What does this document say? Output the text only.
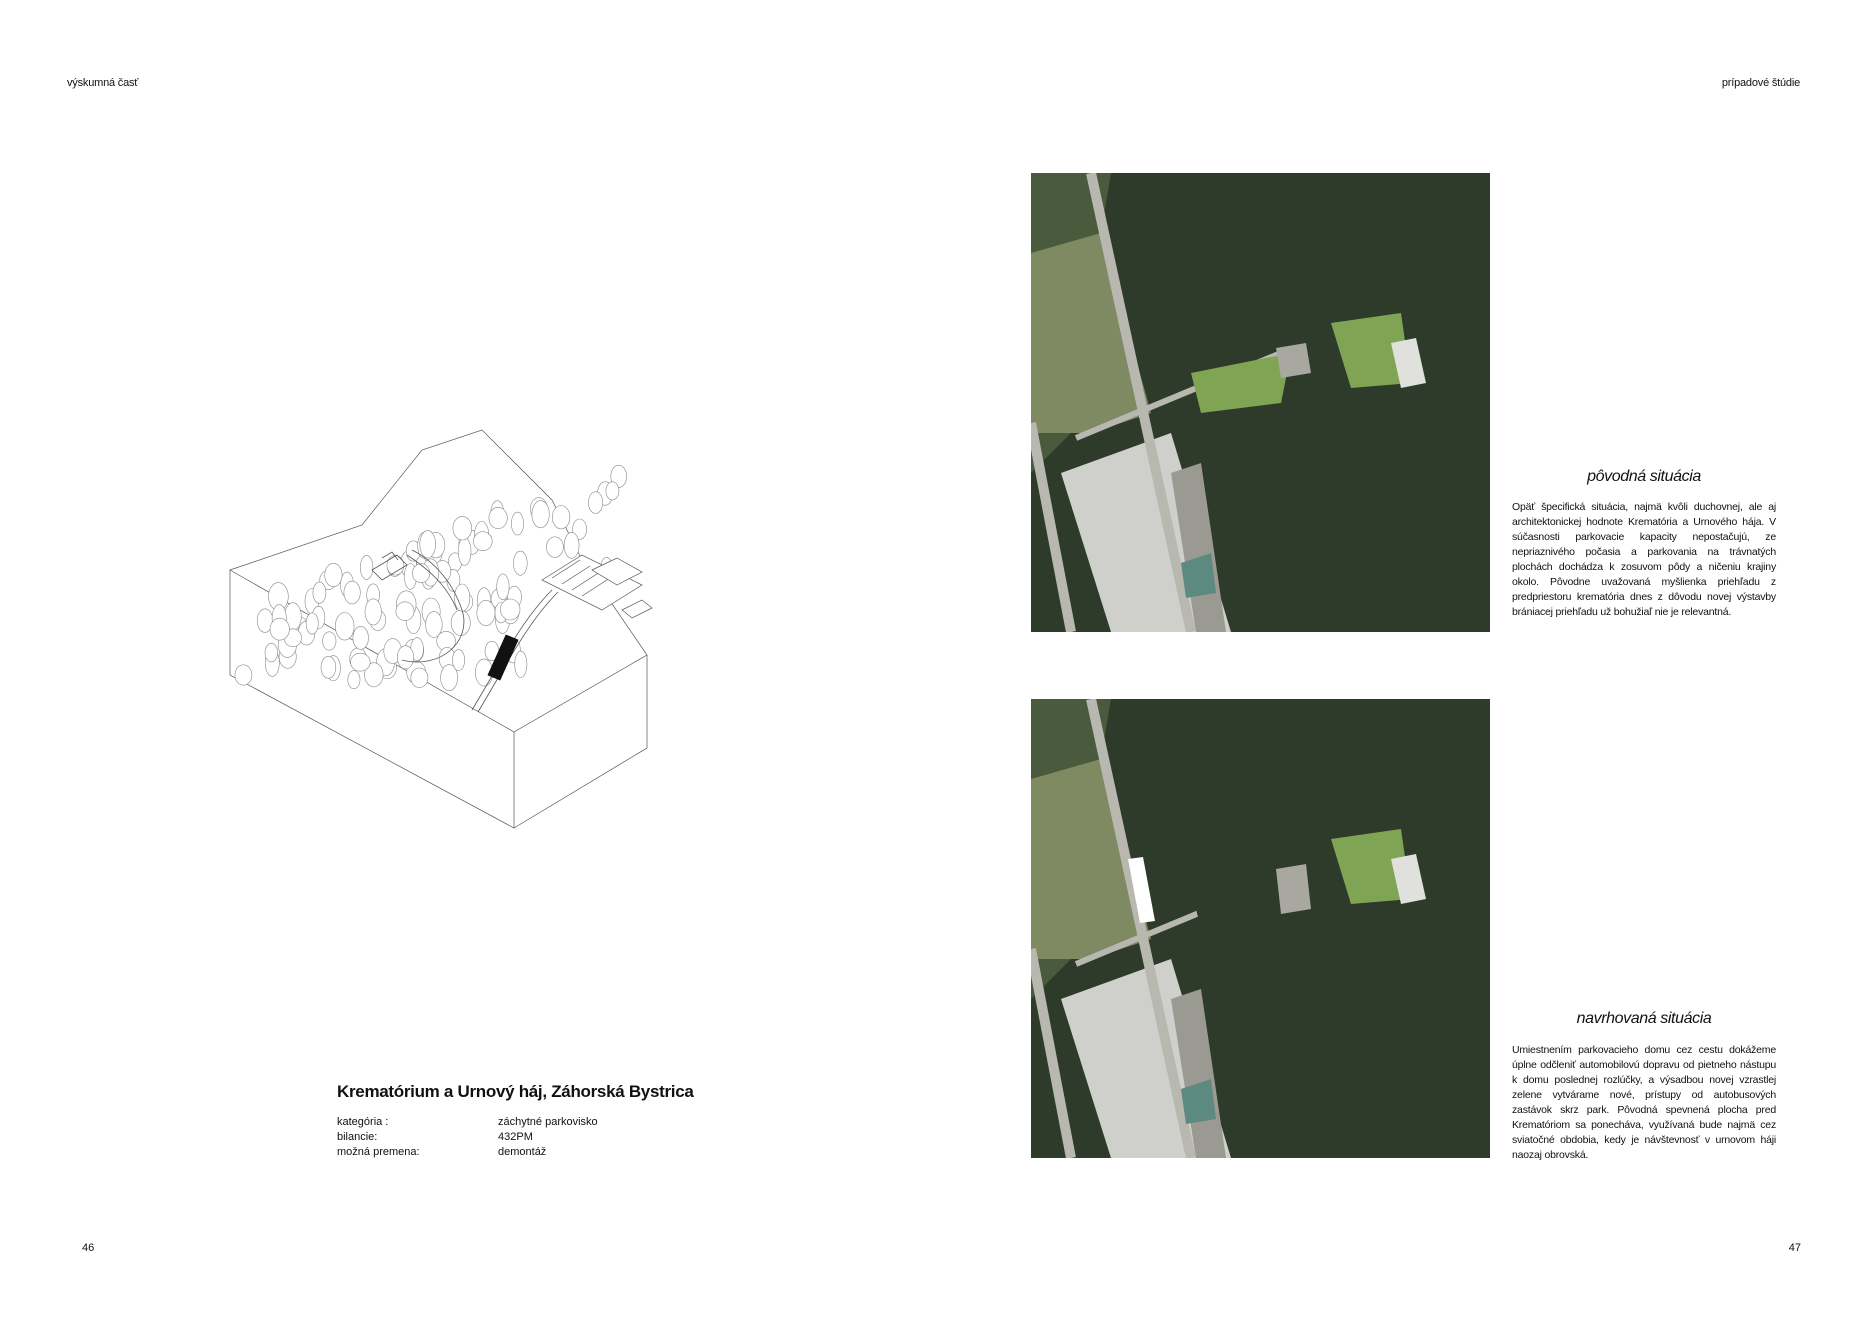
výskumná časť	prípadové štúdie
Krematórium a Urnový háj, Záhorská Bystrica
kategória :	záchytné parkovisko
bilancie:	432PM
možná premena:	demontáž
46	47
pôvodná situácia
Opäť špecifická situácia, najmä kvôli duchovnej, ale aj architektonickej hodnote Krematória a Urnového hája. V súčasnosti parkovacie kapacity nepostačujú, ze nepriaznivého počasia a parkovania na trávnatých plochách dochádza k zosuvom pôdy a ničeniu krajiny okolo. Pôvodne uvažovaná myšlienka priehľadu z predpriestoru krematória dnes z dôvodu novej výstavby brániacej priehľadu už bohužiaľ nie je relevantná.
navrhovaná situácia
Umiestnením parkovacieho domu cez cestu dokážeme úplne odčleniť automobilovú dopravu od pietneho nástupu k domu poslednej rozlúčky, a výsadbou novej vzrastlej zelene vytvárame nové, prístupy od autobusových zastávok skrz park. Pôvodná spevnená plocha pred Krematóriom sa ponecháva, využívaná bude najmä cez sviatočné obdobia, kedy je návštevnosť v urnovom háji naozaj obrovská.
